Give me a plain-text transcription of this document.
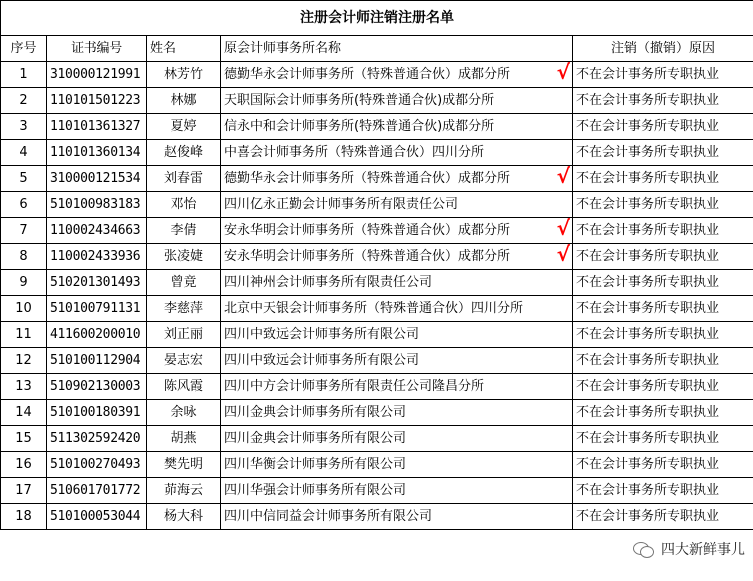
注册会计师注销注册名单				
序号	证书编号	姓名	原会计师事务所名称	注销（撤销）原因
1	310000121991	林芳竹	德勤华永会计师事务所（特殊普通合伙）成都分所 √	不在会计事务所专职执业
2	110101501223	林娜	天职国际会计师事务所(特殊普通合伙)成都分所	不在会计事务所专职执业
3	110101361327	夏婷	信永中和会计师事务所(特殊普通合伙)成都分所	不在会计事务所专职执业
4	110101360134	赵俊峰	中喜会计师事务所（特殊普通合伙）四川分所	不在会计事务所专职执业
5	310000121534	刘春雷	德勤华永会计师事务所（特殊普通合伙）成都分所 √	不在会计事务所专职执业
6	510100983183	邓怡	四川亿永正勤会计师事务所有限责任公司	不在会计事务所专职执业
7	110002434663	李倩	安永华明会计师事务所（特殊普通合伙）成都分所 √	不在会计事务所专职执业
8	110002433936	张凌婕	安永华明会计师事务所（特殊普通合伙）成都分所 √	不在会计事务所专职执业
9	510201301493	曾竟	四川神州会计师事务所有限责任公司	不在会计事务所专职执业
10	510100791131	李慈萍	北京中天银会计师事务所（特殊普通合伙）四川分所	不在会计事务所专职执业
11	411600200010	刘正丽	四川中致远会计师事务所有限公司	不在会计事务所专职执业
12	510100112904	晏志宏	四川中致远会计师事务所有限公司	不在会计事务所专职执业
13	510902130003	陈风霞	四川中方会计师事务所有限责任公司隆昌分所	不在会计事务所专职执业
14	510100180391	余咏	四川金典会计师事务所有限公司	不在会计事务所专职执业
15	511302592420	胡燕	四川金典会计师事务所有限公司	不在会计事务所专职执业
16	510100270493	樊先明	四川华衡会计师事务所有限公司	不在会计事务所专职执业
17	510601701772	茆海云	四川华强会计师事务所有限公司	不在会计事务所专职执业
18	510100053044	杨大科	四川中信同益会计师事务所有限公司	不在会计事务所专职执业
四大新鲜事儿
